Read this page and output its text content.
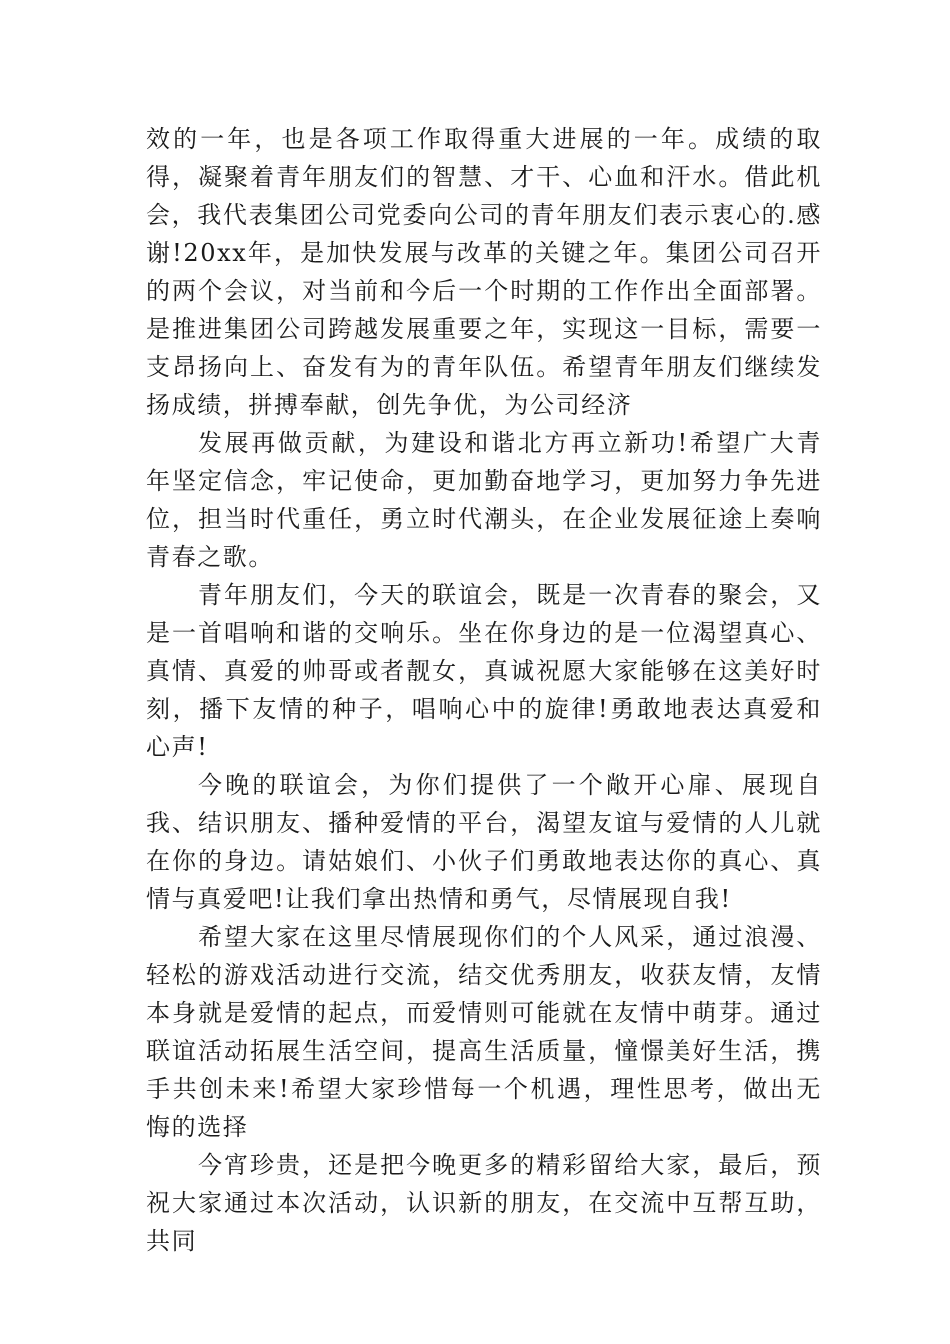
效的一年，也是各项工作取得重大进展的一年。成绩的取得，凝聚着青年朋友们的智慧、才干、心血和汗水。借此机会，我代表集团公司党委向公司的青年朋友们表示衷心的.感谢!20xx年，是加快发展与改革的关键之年。集团公司召开的两个会议，对当前和今后一个时期的工作作出全面部署。是推进集团公司跨越发展重要之年，实现这一目标，需要一支昂扬向上、奋发有为的青年队伍。希望青年朋友们继续发扬成绩，拼搏奉献，创先争优，为公司经济

发展再做贡献，为建设和谐北方再立新功!希望广大青年坚定信念，牢记使命，更加勤奋地学习，更加努力争先进位，担当时代重任，勇立时代潮头，在企业发展征途上奏响青春之歌。

青年朋友们，今天的联谊会，既是一次青春的聚会，又是一首唱响和谐的交响乐。坐在你身边的是一位渴望真心、真情、真爱的帅哥或者靓女，真诚祝愿大家能够在这美好时刻，播下友情的种子，唱响心中的旋律!勇敢地表达真爱和心声!

今晚的联谊会，为你们提供了一个敞开心扉、展现自我、结识朋友、播种爱情的平台，渴望友谊与爱情的人儿就在你的身边。请姑娘们、小伙子们勇敢地表达你的真心、真情与真爱吧!让我们拿出热情和勇气，尽情展现自我!

希望大家在这里尽情展现你们的个人风采，通过浪漫、轻松的游戏活动进行交流，结交优秀朋友，收获友情，友情本身就是爱情的起点，而爱情则可能就在友情中萌芽。通过联谊活动拓展生活空间，提高生活质量，憧憬美好生活，携手共创未来!希望大家珍惜每一个机遇，理性思考，做出无悔的选择

今宵珍贵，还是把今晚更多的精彩留给大家，最后，预祝大家通过本次活动，认识新的朋友，在交流中互帮互助，共同
